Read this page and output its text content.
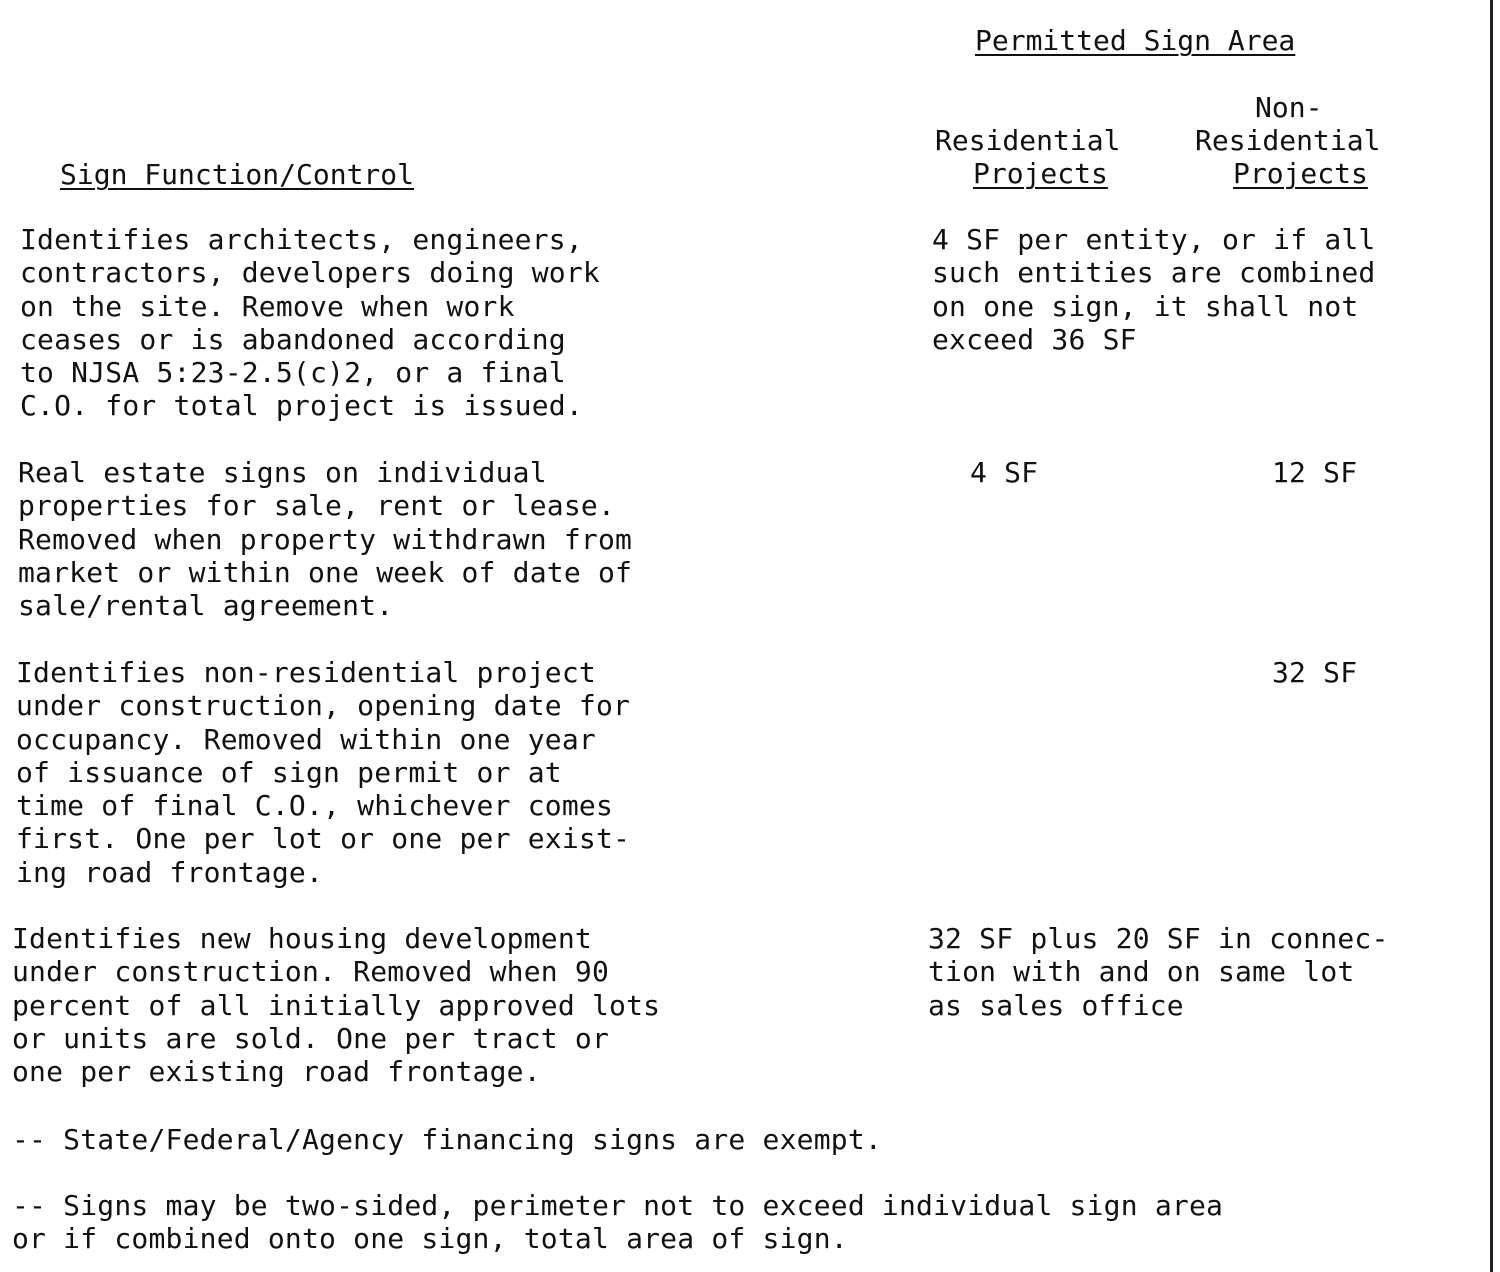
Permitted Sign Area
Sign Function/Control
Residential
Projects
Non-
Residential
Projects
Identifies architects, engineers,
contractors, developers doing work
on the site. Remove when work
ceases or is abandoned according
to NJSA 5:23-2.5(c)2, or a final
C.O. for total project is issued.
4 SF per entity, or if all
such entities are combined
on one sign, it shall not
exceed 36 SF
Real estate signs on individual
properties for sale, rent or lease.
Removed when property withdrawn from
market or within one week of date of
sale/rental agreement.
4 SF	12 SF
Identifies non-residential project
under construction, opening date for
occupancy. Removed within one year
of issuance of sign permit or at
time of final C.O., whichever comes
first. One per lot or one per exist-
ing road frontage.
32 SF
Identifies new housing development
under construction. Removed when 90
percent of all initially approved lots
or units are sold. One per tract or
one per existing road frontage.
32 SF plus 20 SF in connec-
tion with and on same lot
as sales office
-- State/Federal/Agency financing signs are exempt.
-- Signs may be two-sided, perimeter not to exceed individual sign area
or if combined onto one sign, total area of sign.
